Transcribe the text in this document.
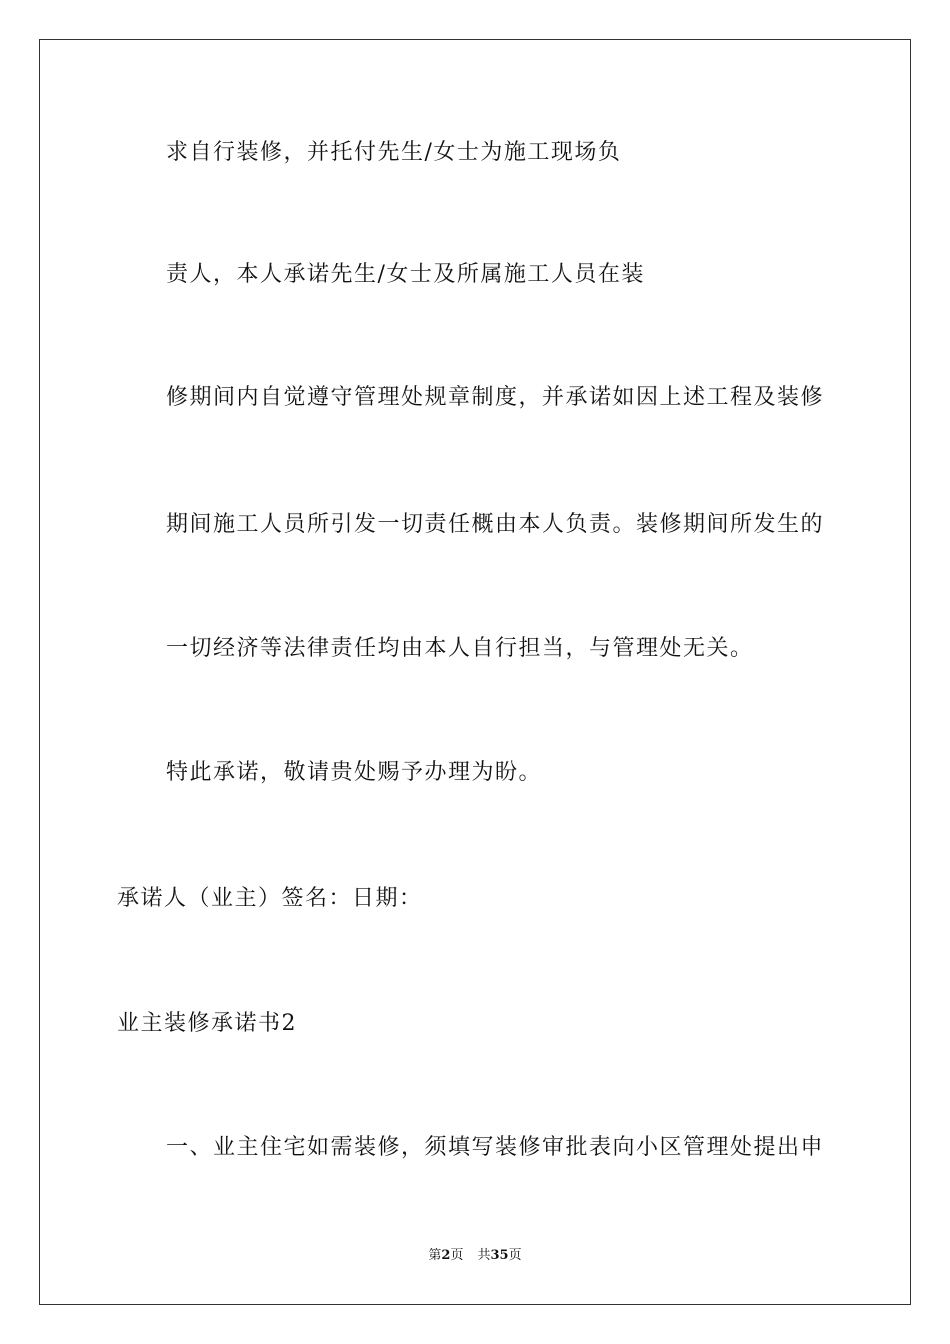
求自行装修，并托付先生/女士为施工现场负
责人，本人承诺先生/女士及所属施工人员在装
修期间内自觉遵守管理处规章制度，并承诺如因上述工程及装修
期间施工人员所引发一切责任概由本人负责。装修期间所发生的
一切经济等法律责任均由本人自行担当，与管理处无关。
特此承诺，敬请贵处赐予办理为盼。
承诺人（业主）签名：日期：
业主装修承诺书2
一、业主住宅如需装修，须填写装修审批表向小区管理处提出申
第2页 共35页
